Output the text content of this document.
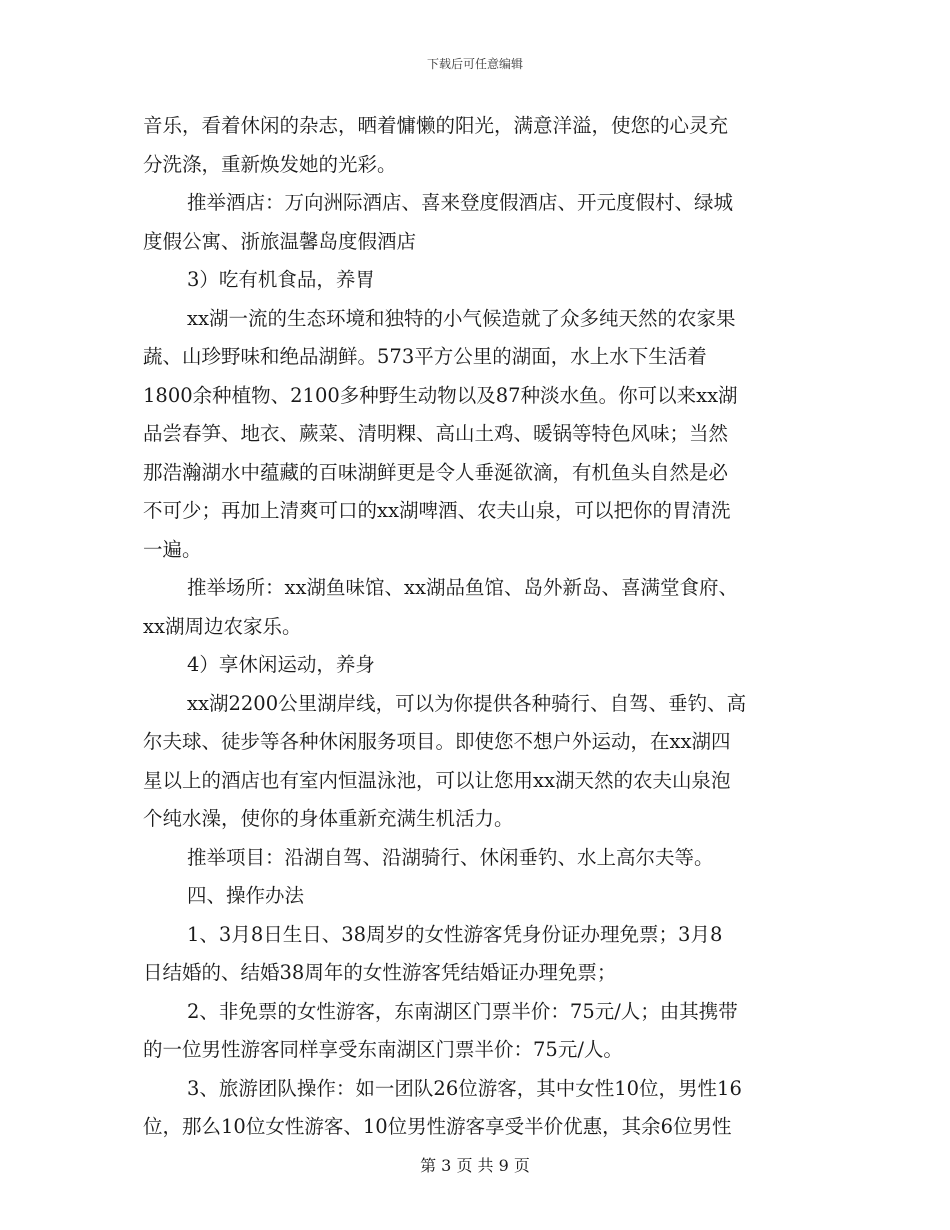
下载后可任意编辑
音乐，看着休闲的杂志，晒着慵懒的阳光，满意洋溢，使您的心灵充
分洗涤，重新焕发她的光彩。
推举酒店：万向洲际酒店、喜来登度假酒店、开元度假村、绿城
度假公寓、浙旅温馨岛度假酒店
3）吃有机食品，养胃
xx湖一流的生态环境和独特的小气候造就了众多纯天然的农家果
蔬、山珍野味和绝品湖鲜。573平方公里的湖面，水上水下生活着
1800余种植物、2100多种野生动物以及87种淡水鱼。你可以来xx湖
品尝春笋、地衣、蕨菜、清明粿、高山土鸡、暖锅等特色风味；当然
那浩瀚湖水中蕴藏的百味湖鲜更是令人垂涎欲滴，有机鱼头自然是必
不可少；再加上清爽可口的xx湖啤酒、农夫山泉，可以把你的胃清洗
一遍。
推举场所：xx湖鱼味馆、xx湖品鱼馆、岛外新岛、喜满堂食府、
xx湖周边农家乐。
4）享休闲运动，养身
xx湖2200公里湖岸线，可以为你提供各种骑行、自驾、垂钓、高
尔夫球、徒步等各种休闲服务项目。即使您不想户外运动，在xx湖四
星以上的酒店也有室内恒温泳池，可以让您用xx湖天然的农夫山泉泡
个纯水澡，使你的身体重新充满生机活力。
推举项目：沿湖自驾、沿湖骑行、休闲垂钓、水上高尔夫等。
四、操作办法
1、3月8日生日、38周岁的女性游客凭身份证办理免票；3月8
日结婚的、结婚38周年的女性游客凭结婚证办理免票；
2、非免票的女性游客，东南湖区门票半价：75元/人；由其携带
的一位男性游客同样享受东南湖区门票半价：75元/人。
3、旅游团队操作：如一团队26位游客，其中女性10位，男性16
位，那么10位女性游客、10位男性游客享受半价优惠，其余6位男性
第 3 页 共 9 页
